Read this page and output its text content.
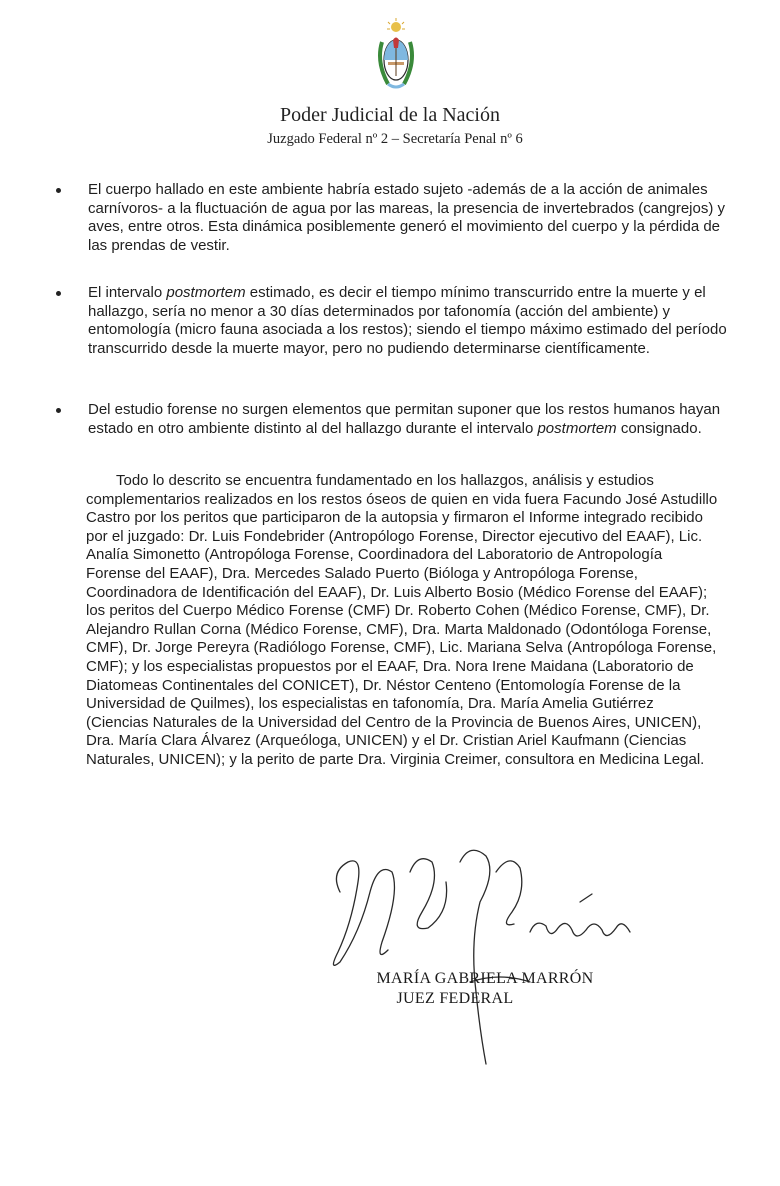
Poder Judicial de la Nación
Juzgado Federal nº 2 – Secretaría Penal nº 6
El cuerpo hallado en este ambiente habría estado sujeto -además de a la acción de animales carnívoros- a la fluctuación de agua por las mareas, la presencia de invertebrados (cangrejos) y aves, entre otros. Esta dinámica posiblemente generó el movimiento del cuerpo y la pérdida de las prendas de vestir.
El intervalo postmortem estimado, es decir el tiempo mínimo transcurrido entre la muerte y el hallazgo, sería no menor a 30 días determinados por tafonomía (acción del ambiente) y entomología (micro fauna asociada a los restos); siendo el tiempo máximo estimado del período transcurrido desde la muerte mayor, pero no pudiendo determinarse científicamente.
Del estudio forense no surgen elementos que permitan suponer que los restos humanos hayan estado en otro ambiente distinto al del hallazgo durante el intervalo postmortem consignado.
Todo lo descrito se encuentra fundamentado en los hallazgos, análisis y estudios complementarios realizados en los restos óseos de quien en vida fuera Facundo José Astudillo Castro por los peritos que participaron de la autopsia y firmaron el Informe integrado recibido por el juzgado: Dr. Luis Fondebrider (Antropólogo Forense, Director ejecutivo del EAAF), Lic. Analía Simonetto (Antropóloga Forense, Coordinadora del Laboratorio de Antropología Forense del EAAF), Dra. Mercedes Salado Puerto (Bióloga y Antropóloga Forense, Coordinadora de Identificación del EAAF), Dr. Luis Alberto Bosio (Médico Forense del EAAF); los peritos del Cuerpo Médico Forense (CMF) Dr. Roberto Cohen (Médico Forense, CMF), Dr. Alejandro Rullan Corna (Médico Forense, CMF), Dra. Marta Maldonado (Odontóloga Forense, CMF), Dr. Jorge Pereyra (Radiólogo Forense, CMF), Lic. Mariana Selva (Antropóloga Forense, CMF); y los especialistas propuestos por el EAAF, Dra. Nora Irene Maidana (Laboratorio de Diatomeas Continentales del CONICET), Dr. Néstor Centeno (Entomología Forense de la Universidad de Quilmes), los especialistas en tafonomía, Dra. María Amelia Gutiérrez (Ciencias Naturales de la Universidad del Centro de la Provincia de Buenos Aires, UNICEN), Dra. María Clara Álvarez (Arqueóloga, UNICEN) y el Dr. Cristian Ariel Kaufmann (Ciencias Naturales, UNICEN); y la perito de parte Dra. Virginia Creimer, consultora en Medicina Legal.
MARÍA GABRIELA MARRÓN
JUEZ FEDERAL
